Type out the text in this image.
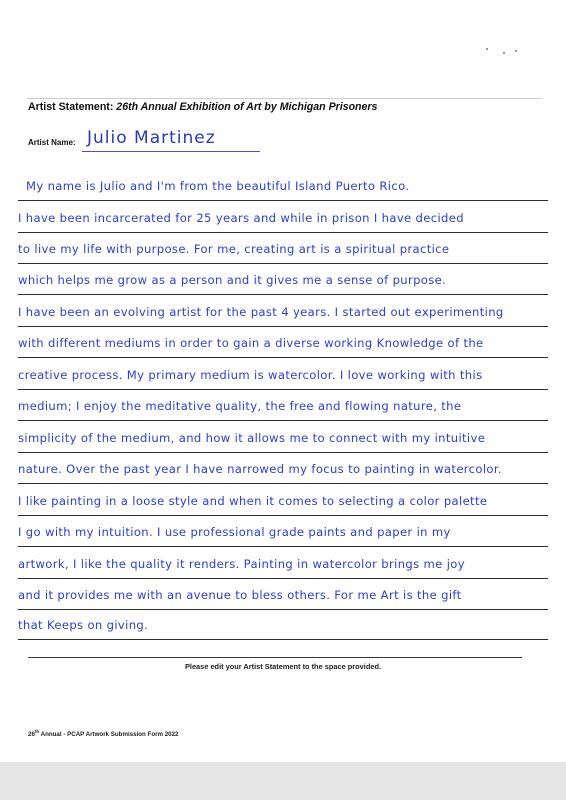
Artist Statement: 26th Annual Exhibition of Art by Michigan Prisoners
Artist Name: Julio Martinez
My name is Julio and I'm from the beautiful Island Puerto Rico.
I have been incarcerated for 25 years and while in prison I have decided
to live my life with purpose. For me, creating art is a spiritual practice
which helps me grow as a person and it gives me a sense of purpose.
I have been an evolving artist for the past 4 years. I started out experimenting
with different mediums in order to gain a diverse working Knowledge of the
creative process. My primary medium is watercolor. I love working with this
medium; I enjoy the meditative quality, the free and flowing nature, the
simplicity of the medium, and how it allows me to connect with my intuitive
nature. Over the past year I have narrowed my focus to painting in watercolor.
I like painting in a loose style and when it comes to selecting a color palette
I go with my intuition. I use professional grade paints and paper in my
artwork, I like the quality it renders. Painting in watercolor brings me joy
and it provides me with an avenue to bless others. For me Art is the gift
that Keeps on giving.
Please edit your Artist Statement to the space provided.
26th Annual - PCAP Artwork Submission Form 2022
